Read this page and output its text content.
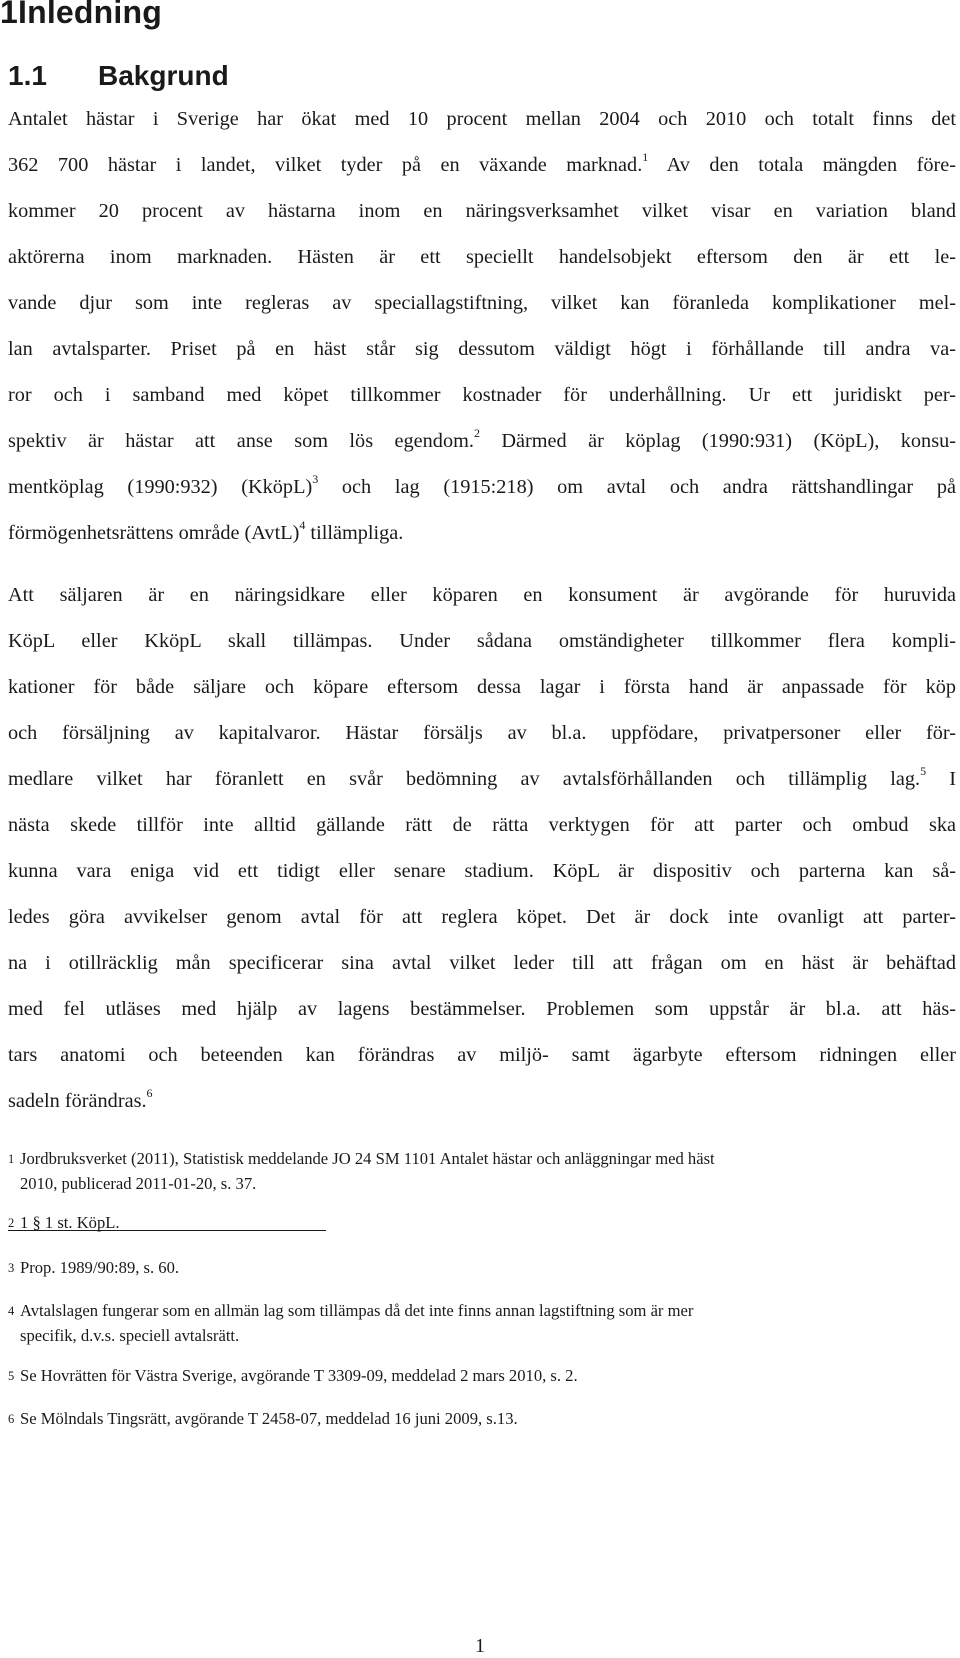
1Inledning
1.1 Bakgrund
Antalet hästar i Sverige har ökat med 10 procent mellan 2004 och 2010 och totalt finns det
362 700 hästar i landet, vilket tyder på en växande marknad.$^1$ Av den totala mängden före-
kommer 20 procent av hästarna inom en näringsverksamhet vilket visar en variation bland
aktörerna inom marknaden. Hästen är ett speciellt handelsobjekt eftersom den är ett le-
vande djur som inte regleras av speciallagstiftning, vilket kan föranleda komplikationer mel-
lan avtalsparter. Priset på en häst står sig dessutom väldigt högt i förhållande till andra va-
ror och i samband med köpet tillkommer kostnader för underhållning. Ur ett juridiskt per-
spektiv är hästar att anse som lös egendom.$^2$ Därmed är köplag (1990:931) (KöpL), konsu-
mentköplag (1990:932) (KköpL)$^3$ och lag (1915:218) om avtal och andra rättshandlingar på
förmögenhetsrättens område (AvtL)$^4$ tillämpliga.
Att säljaren är en näringsidkare eller köparen en konsument är avgörande för huruvida
KöpL eller KköpL skall tillämpas. Under sådana omständigheter tillkommer flera kompli-
kationer för både säljare och köpare eftersom dessa lagar i första hand är anpassade för köp
och försäljning av kapitalvaror. Hästar försäljs av bl.a. uppfödare, privatpersoner eller för-
medlare vilket har föranlett en svår bedömning av avtalsförhållanden och tillämplig lag.$^5$ I
nästa skede tillför inte alltid gällande rätt de rätta verktygen för att parter och ombud ska
kunna vara eniga vid ett tidigt eller senare stadium. KöpL är dispositiv och parterna kan så-
ledes göra avvikelser genom avtal för att reglera köpet. Det är dock inte ovanligt att parter-
na i otillräcklig mån specificerar sina avtal vilket leder till att frågan om en häst är behäftad
med fel utläses med hjälp av lagens bestämmelser. Problemen som uppstår är bl.a. att häs-
tars anatomi och beteenden kan förändras av miljö- samt ägarbyte eftersom ridningen eller
sadeln förändras.$^6$
1 Jordbruksverket (2011), Statistisk meddelande JO 24 SM 1101 Antalet hästar och anläggningar med häst
2010, publicerad 2011-01-20, s. 37.
2 1 § 1 st. KöpL.
3 Prop. 1989/90:89, s. 60.
4 Avtalslagen fungerar som en allmän lag som tillämpas då det inte finns annan lagstiftning som är mer
specifik, d.v.s. speciell avtalsrätt.
5 Se Hovrätten för Västra Sverige, avgörande T 3309-09, meddelad 2 mars 2010, s. 2.
6 Se Mölndals Tingsrätt, avgörande T 2458-07, meddelad 16 juni 2009, s.13.
1
